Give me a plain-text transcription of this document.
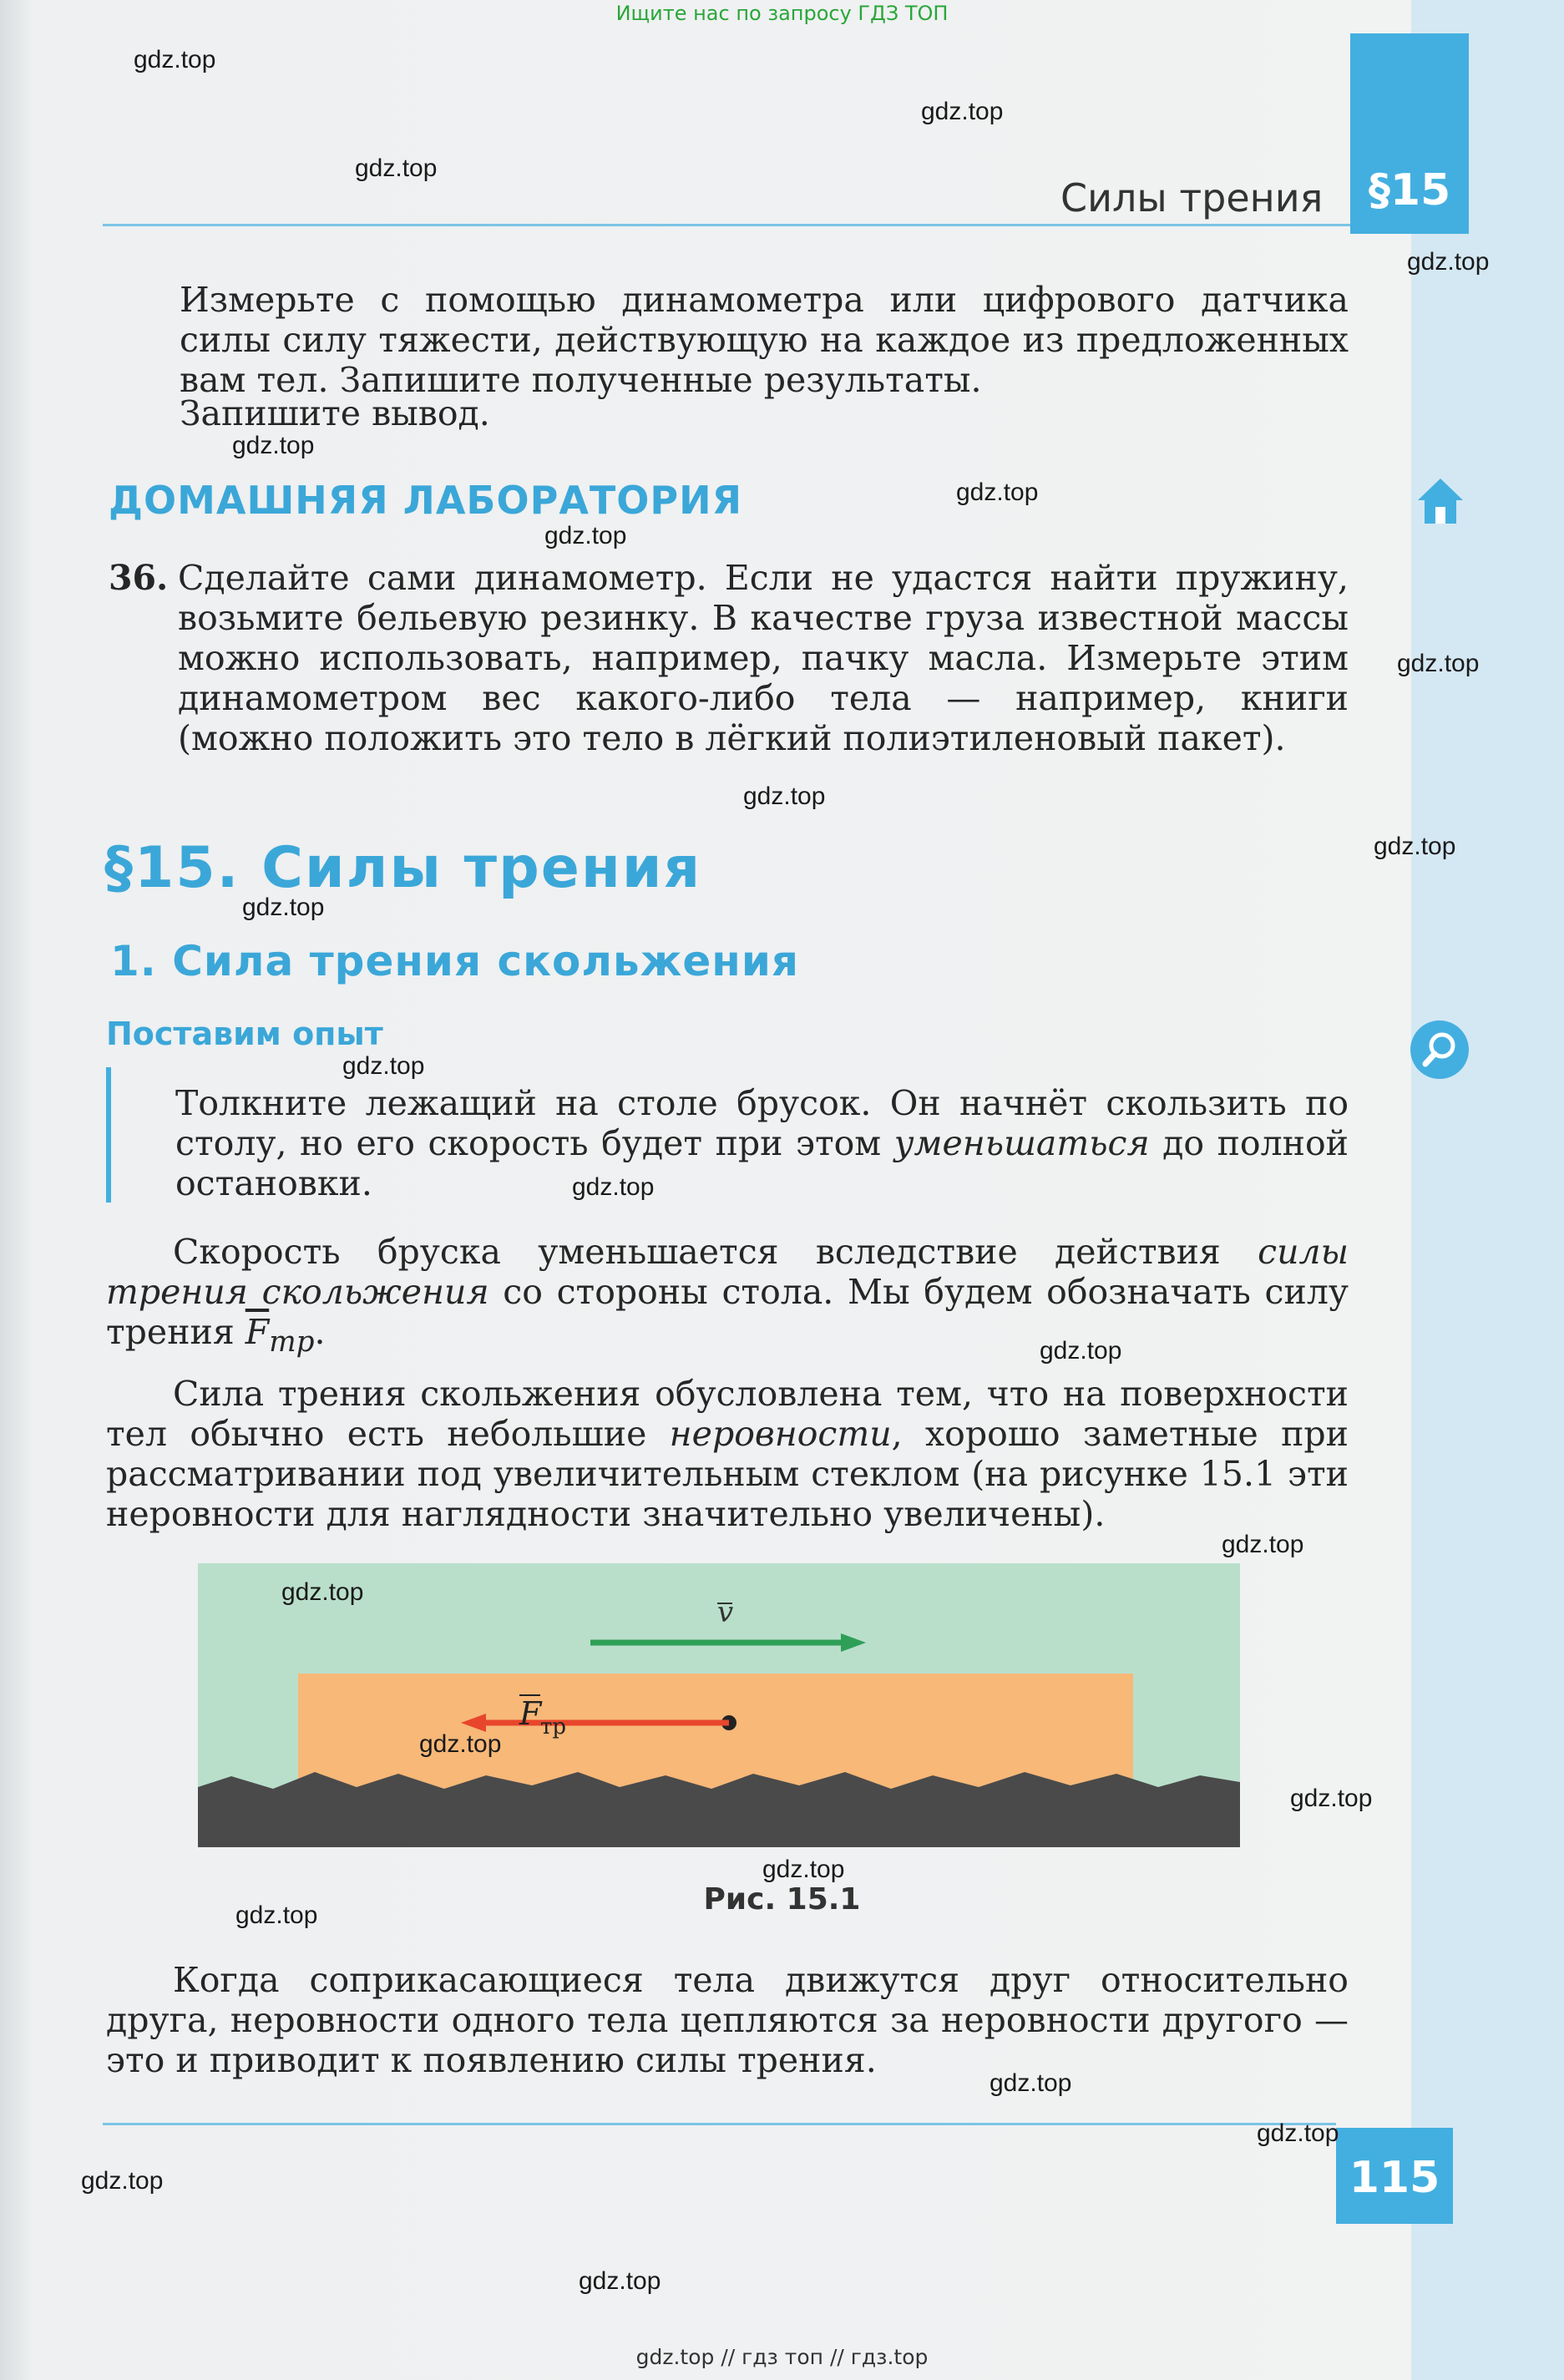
Ищите нас по запросу ГДЗ ТОП
§15
Силы трения
Измерьте с помощью динамометра или цифрового датчика силы силу тяжести, действующую на каждое из предложенных вам тел. Запишите полученные результаты.
Запишите вывод.
ДОМАШНЯЯ ЛАБОРАТОРИЯ
36. Сделайте сами динамометр. Если не удастся найти пружину, возьмите бельевую резинку. В качестве груза известной массы можно использовать, например, пачку масла. Измерьте этим динамометром вес какого-либо тела — например, книги (можно положить это тело в лёгкий полиэтиленовый пакет).
§15. Силы трения
1. Сила трения скольжения
Поставим опыт
Толкните лежащий на столе брусок. Он начнёт скользить по столу, но его скорость будет при этом уменьшаться до полной остановки.
Скорость бруска уменьшается вследствие действия силы трения скольжения со стороны стола. Мы будем обозначать силу трения $\overline{F}_{тр}$.
Сила трения скольжения обусловлена тем, что на поверхности тел обычно есть небольшие неровности, хорошо заметные при рассматривании под увеличительным стеклом (на рисунке 15.1 эти неровности для наглядности значительно увеличены).
v
F
тр
Рис. 15.1
Когда соприкасающиеся тела движутся друг относительно друга, неровности одного тела цепляются за неровности другого — это и приводит к появлению силы трения.
115
gdz.top
gdz.top
gdz.top
gdz.top
gdz.top
gdz.top
gdz.top
gdz.top
gdz.top
gdz.top
gdz.top
gdz.top
gdz.top
gdz.top
gdz.top
gdz.top
gdz.top
gdz.top
gdz.top
gdz.top
gdz.top
gdz.top
gdz.top
gdz.top
gdz.top // гдз топ // гдз.top
